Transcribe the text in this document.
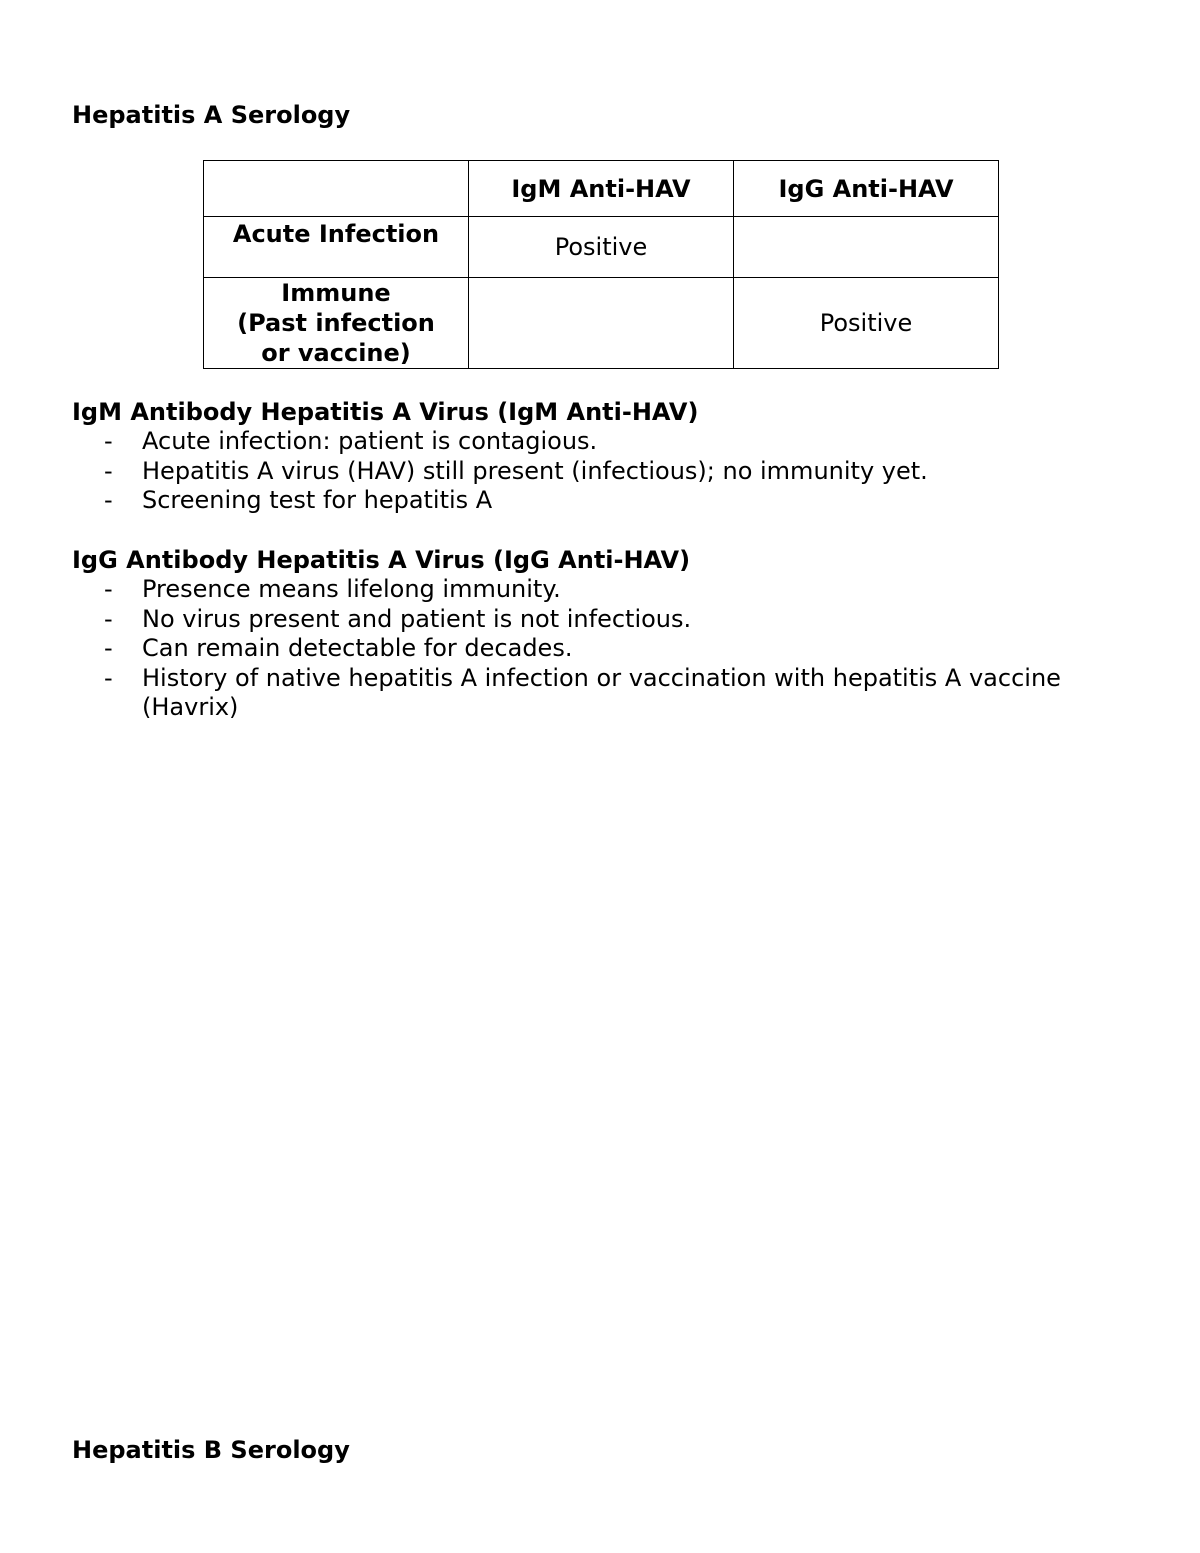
Hepatitis A Serology
	IgM Anti-HAV	IgG Anti-HAV

Acute Infection	Positive	

Immune
(Past infection
or vaccine)		Positive
IgM Antibody Hepatitis A Virus (IgM Anti-HAV)
- Acute infection: patient is contagious.
- Hepatitis A virus (HAV) still present (infectious); no immunity yet.
- Screening test for hepatitis A
IgG Antibody Hepatitis A Virus (IgG Anti-HAV)
- Presence means lifelong immunity.
- No virus present and patient is not infectious.
- Can remain detectable for decades.
- History of native hepatitis A infection or vaccination with hepatitis A vaccine (Havrix)
Hepatitis B Serology
